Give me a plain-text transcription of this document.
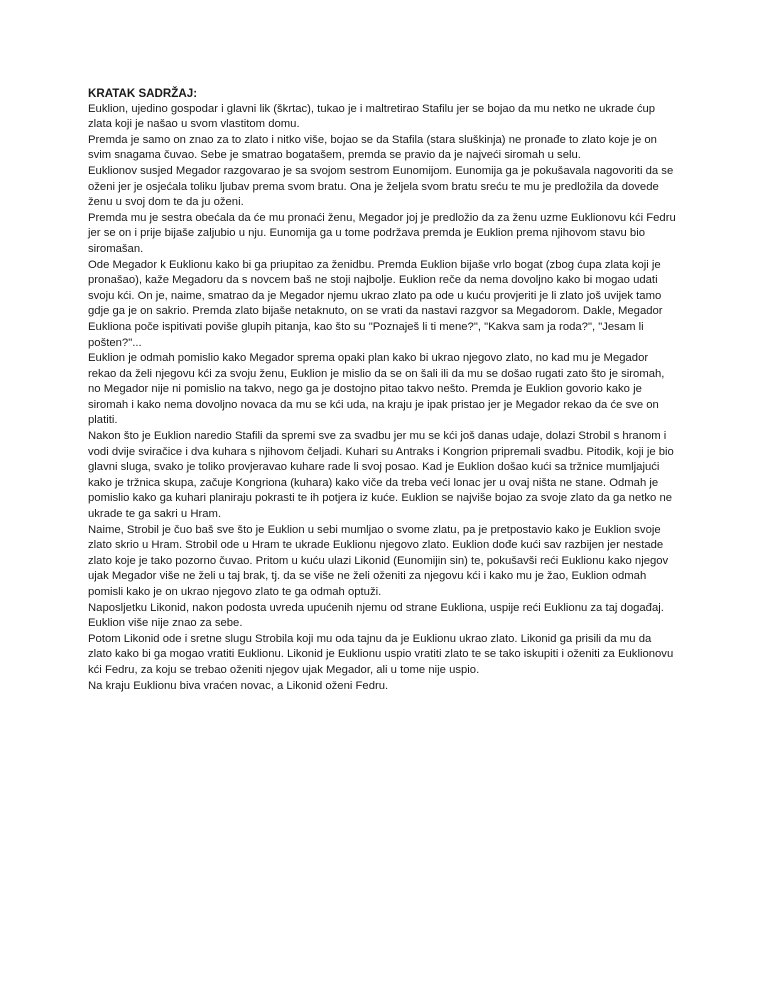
KRATAK SADRŽAJ:

Euklion, ujedino gospodar i glavni lik (škrtac), tukao je i maltretirao Stafilu jer se bojao da mu netko ne ukrade ćup zlata koji je našao u svom vlastitom domu.

Premda je samo on znao za to zlato i nitko više, bojao se da Stafila (stara sluškinja) ne pronađe to zlato koje je on svim snagama čuvao. Sebe je smatrao bogatašem, premda se pravio da je najveći siromah u selu.

Euklionov susjed Megador razgovarao je sa svojom sestrom Eunomijom. Eunomija ga je pokušavala nagovoriti da se oženi jer je osjećala toliku ljubav prema svom bratu. Ona je željela svom bratu sreću te mu je predložila da dovede ženu u svoj dom te da ju oženi.

Premda mu je sestra obećala da će mu pronaći ženu, Megador joj je predložio da za ženu uzme Euklionovu kći Fedru jer se on i prije bijaše zaljubio u nju. Eunomija ga u tome podržava premda je Euklion prema njihovom stavu bio siromašan.

Ode Megador k Euklionu kako bi ga priupitao za ženidbu. Premda Euklion bijaše vrlo bogat (zbog ćupa zlata koji je pronašao), kaže Megadoru da s novcem baš ne stoji najbolje. Euklion reče da nema dovoljno kako bi mogao udati svoju kći. On je, naime, smatrao da je Megador njemu ukrao zlato pa ode u kuću provjeriti je li zlato još uvijek tamo gdje ga je on sakrio. Premda zlato bijaše netaknuto, on se vrati da nastavi razgvor sa Megadorom. Dakle, Megador Eukliona poče ispitivati poviše glupih pitanja, kao što su "Poznaješ li ti mene?", "Kakva sam ja roda?", "Jesam li pošten?"...

Euklion je odmah pomislio kako Megador sprema opaki plan kako bi ukrao njegovo zlato, no kad mu je Megador rekao da želi njegovu kći za svoju ženu, Euklion je mislio da se on šali ili da mu se došao rugati zato što je siromah, no Megador nije ni pomislio na takvo, nego ga je dostojno pitao takvo nešto. Premda je Euklion govorio kako je siromah i kako nema dovoljno novaca da mu se kći uda, na kraju je ipak pristao jer je Megador rekao da će sve on platiti.

Nakon što je Euklion naredio Stafili da spremi sve za svadbu jer mu se kći još danas udaje, dolazi Strobil s hranom i vodi dvije sviračice i dva kuhara s njihovom čeljadi. Kuhari su Antraks i Kongrion pripremali svadbu. Pitodik, koji je bio glavni sluga, svako je toliko provjeravao kuhare rade li svoj posao. Kad je Euklion došao kući sa tržnice mumljajući kako je tržnica skupa, začuje Kongriona (kuhara) kako viče da treba veći lonac jer u ovaj ništa ne stane. Odmah je pomislio kako ga kuhari planiraju pokrasti te ih potjera iz kuće. Euklion se najviše bojao za svoje zlato da ga netko ne ukrade te ga sakri u Hram.

Naime, Strobil je čuo baš sve što je Euklion u sebi mumljao o svome zlatu, pa je pretpostavio kako je Euklion svoje zlato skrio u Hram. Strobil ode u Hram te ukrade Euklionu njegovo zlato. Euklion dođe kući sav razbijen jer nestade zlato koje je tako pozorno čuvao. Pritom u kuću ulazi Likonid (Eunomijin sin) te, pokušavši reći Euklionu kako njegov ujak Megador više ne želi u taj brak, tj. da se više ne želi oženiti za njegovu kći i kako mu je žao, Euklion odmah pomisli kako je on ukrao njegovo zlato te ga odmah optuži.

Naposljetku Likonid, nakon podosta uvreda upućenih njemu od strane Eukliona, uspije reći Euklionu za taj događaj. Euklion više nije znao za sebe.

Potom Likonid ode i sretne slugu Strobila koji mu oda tajnu da je Euklionu ukrao zlato. Likonid ga prisili da mu da zlato kako bi ga mogao vratiti Euklionu. Likonid je Euklionu uspio vratiti zlato te se tako iskupiti i oženiti za Euklionovu kći Fedru, za koju se trebao oženiti njegov ujak Megador, ali u tome nije uspio.

Na kraju Euklionu biva vraćen novac, a Likonid oženi Fedru.
